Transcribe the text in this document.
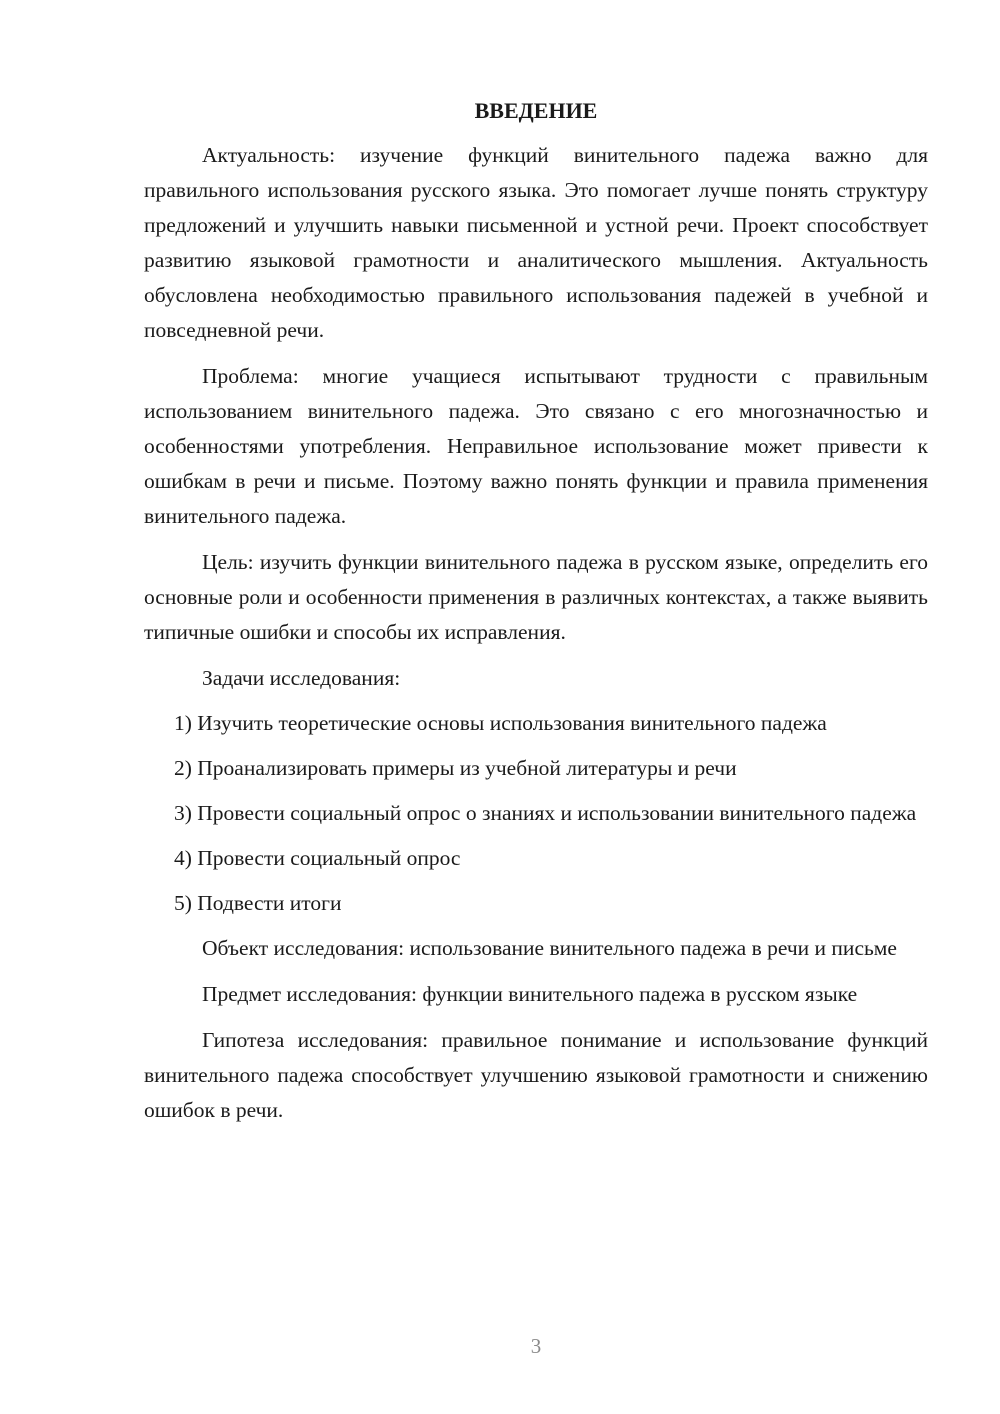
ВВЕДЕНИЕ

Актуальность: изучение функций винительного падежа важно для правильного использования русского языка. Это помогает лучше понять структуру предложений и улучшить навыки письменной и устной речи. Проект способствует развитию языковой грамотности и аналитического мышления. Актуальность обусловлена необходимостью правильного использования падежей в учебной и повседневной речи.

Проблема: многие учащиеся испытывают трудности с правильным использованием винительного падежа. Это связано с его многозначностью и особенностями употребления. Неправильное использование может привести к ошибкам в речи и письме. Поэтому важно понять функции и правила применения винительного падежа.

Цель: изучить функции винительного падежа в русском языке, определить его основные роли и особенности применения в различных контекстах, а также выявить типичные ошибки и способы их исправления.

Задачи исследования:

1) Изучить теоретические основы использования винительного падежа

2) Проанализировать примеры из учебной литературы и речи

3) Провести социальный опрос о знаниях и использовании винительного падежа

4) Провести социальный опрос

5) Подвести итоги

Объект исследования: использование винительного падежа в речи и письме

Предмет исследования: функции винительного падежа в русском языке

Гипотеза исследования: правильное понимание и использование функций винительного падежа способствует улучшению языковой грамотности и снижению ошибок в речи.

3
